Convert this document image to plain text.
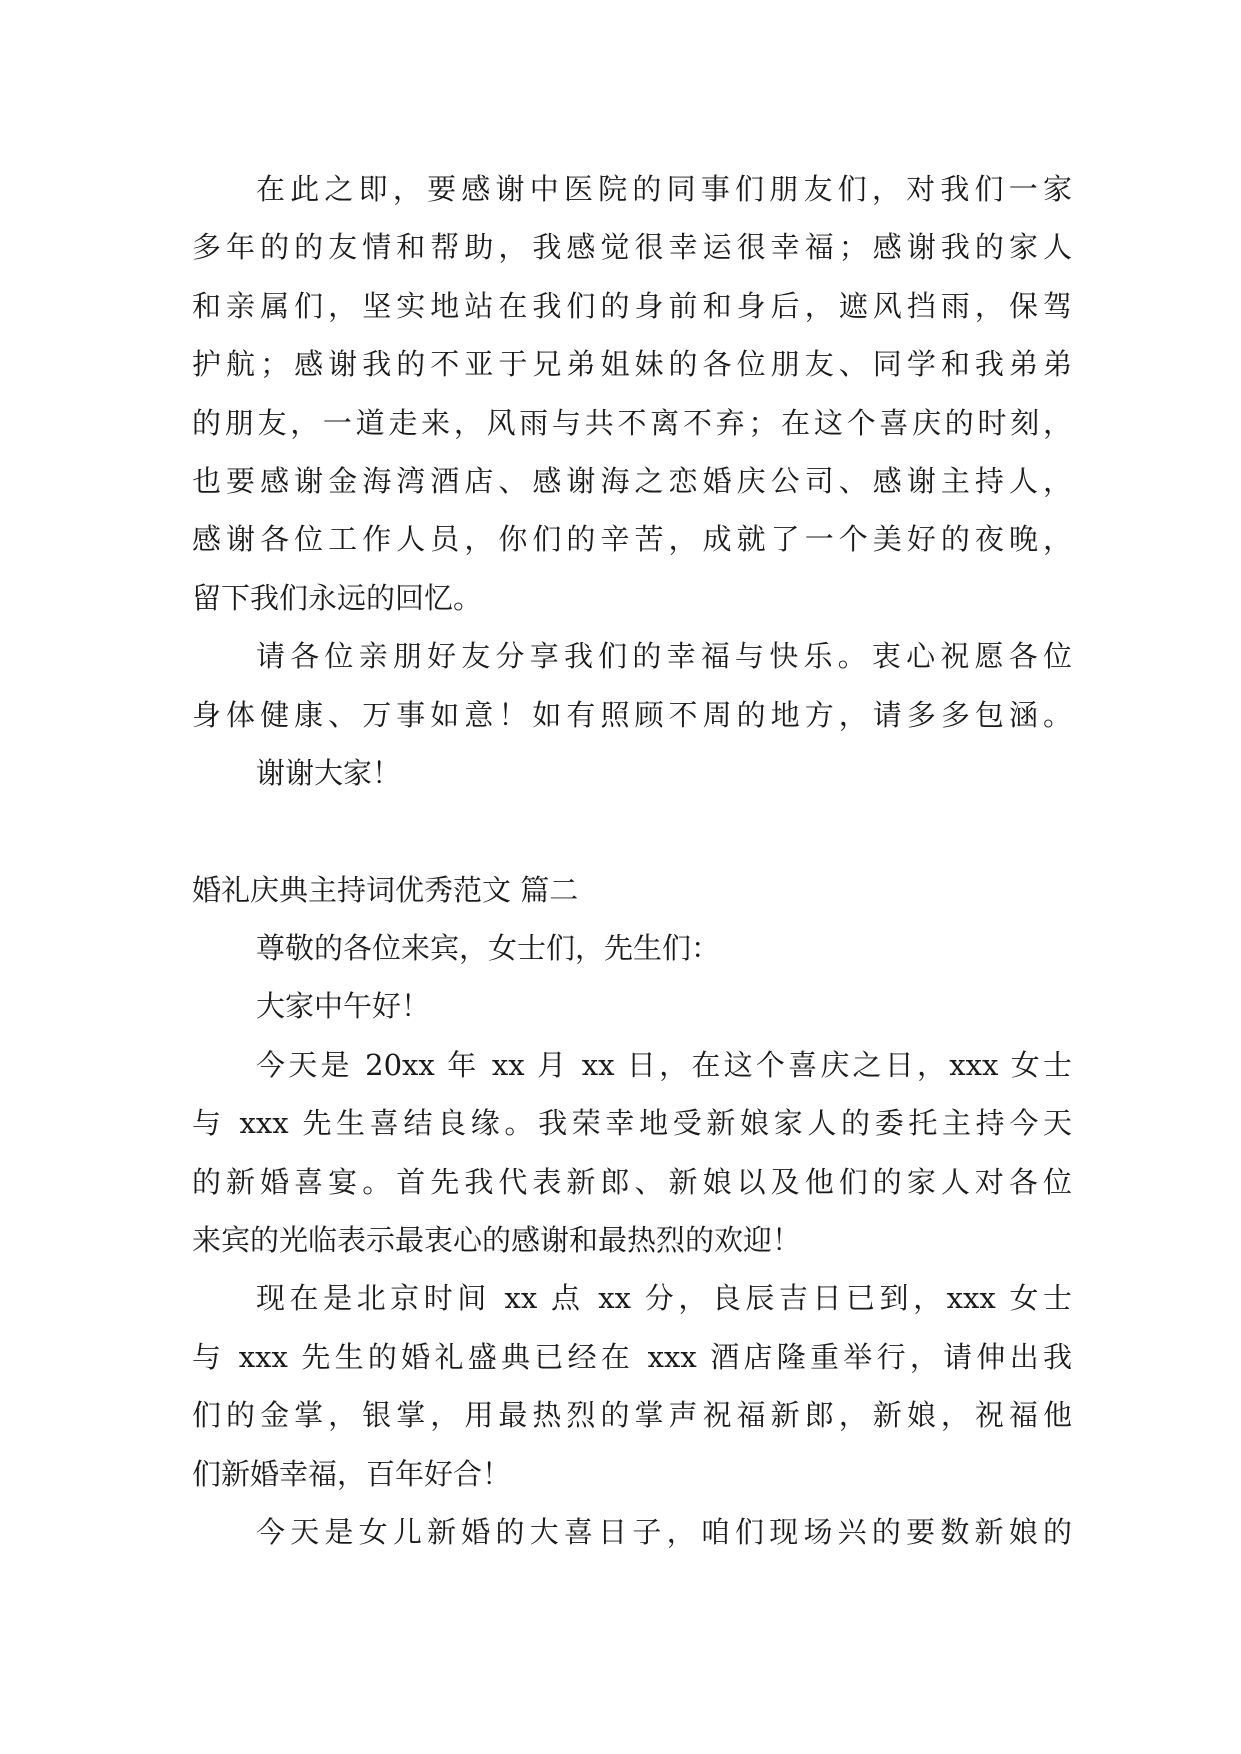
在此之即，要感谢中医院的同事们朋友们，对我们一家
多年的的友情和帮助，我感觉很幸运很幸福；感谢我的家人
和亲属们，坚实地站在我们的身前和身后，遮风挡雨，保驾
护航；感谢我的不亚于兄弟姐妹的各位朋友、同学和我弟弟
的朋友，一道走来，风雨与共不离不弃；在这个喜庆的时刻，
也要感谢金海湾酒店、感谢海之恋婚庆公司、感谢主持人，
感谢各位工作人员，你们的辛苦，成就了一个美好的夜晚，
留下我们永远的回忆。
请各位亲朋好友分享我们的幸福与快乐。衷心祝愿各位
身体健康、万事如意！如有照顾不周的地方，请多多包涵。
谢谢大家！
婚礼庆典主持词优秀范文 篇二
尊敬的各位来宾，女士们，先生们：
大家中午好！
今天是 20xx 年 xx 月 xx 日，在这个喜庆之日，xxx 女士
与 xxx 先生喜结良缘。我荣幸地受新娘家人的委托主持今天
的新婚喜宴。首先我代表新郎、新娘以及他们的家人对各位
来宾的光临表示最衷心的感谢和最热烈的欢迎！
现在是北京时间 xx 点 xx 分，良辰吉日已到，xxx 女士
与 xxx 先生的婚礼盛典已经在 xxx 酒店隆重举行，请伸出我
们的金掌，银掌，用最热烈的掌声祝福新郎，新娘，祝福他
们新婚幸福，百年好合！
今天是女儿新婚的大喜日子，咱们现场兴的要数新娘的
